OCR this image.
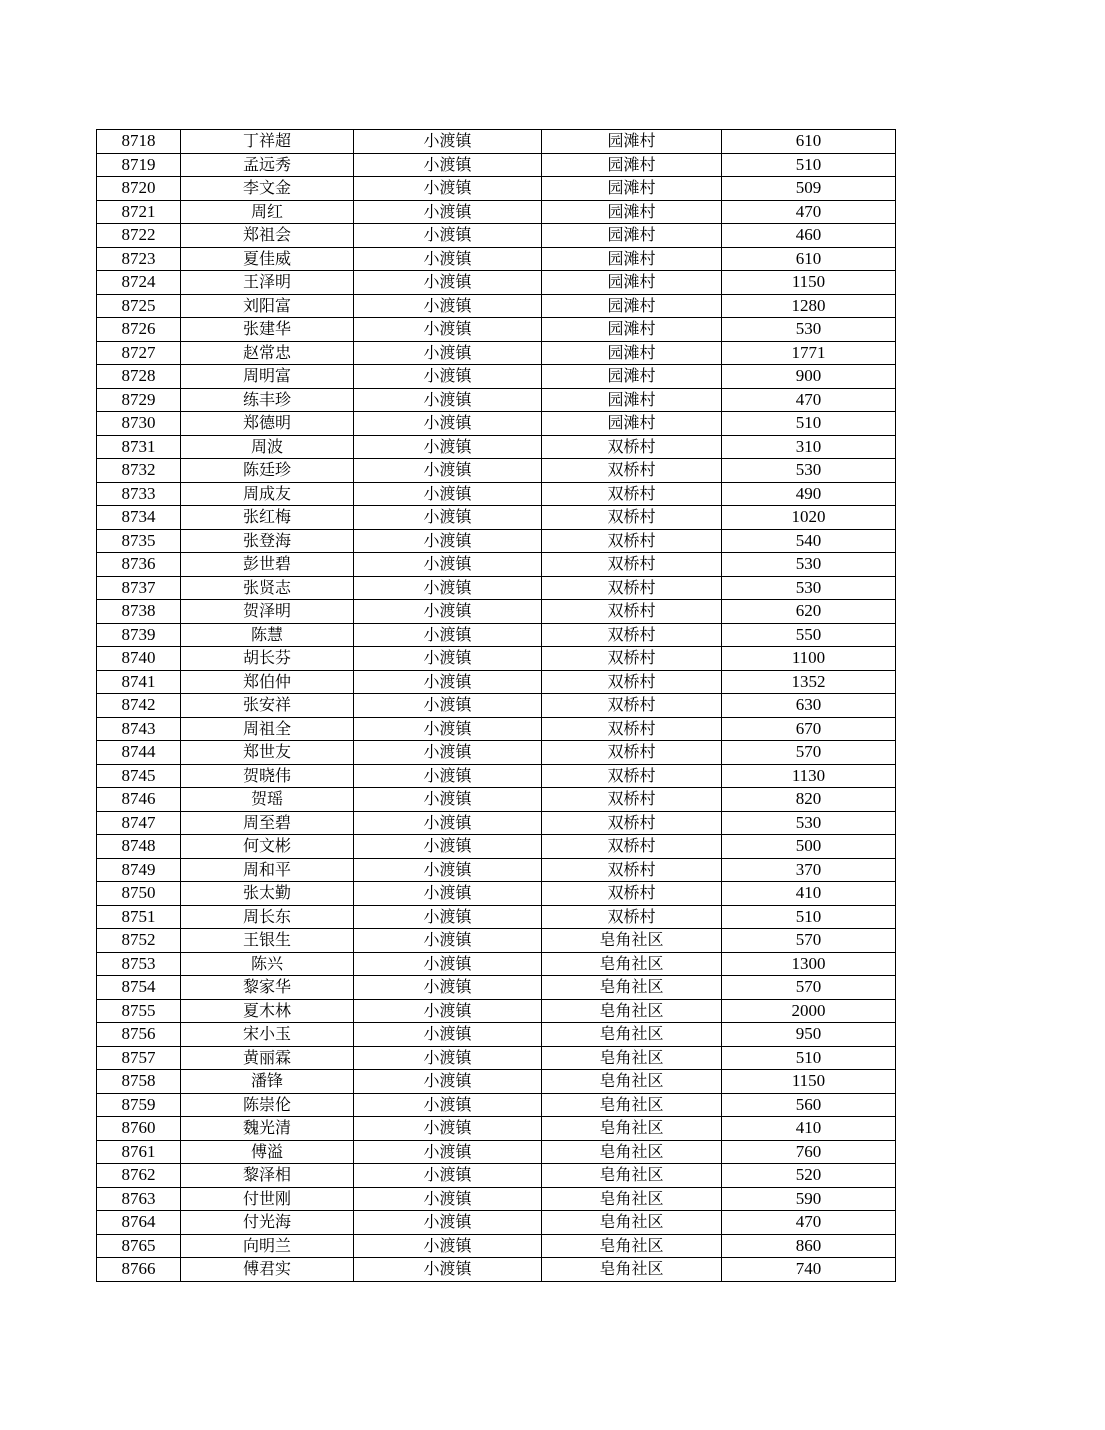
8718	丁祥超	小渡镇	园滩村	610
8719	孟远秀	小渡镇	园滩村	510
8720	李文金	小渡镇	园滩村	509
8721	周红	小渡镇	园滩村	470
8722	郑祖会	小渡镇	园滩村	460
8723	夏佳威	小渡镇	园滩村	610
8724	王泽明	小渡镇	园滩村	1150
8725	刘阳富	小渡镇	园滩村	1280
8726	张建华	小渡镇	园滩村	530
8727	赵常忠	小渡镇	园滩村	1771
8728	周明富	小渡镇	园滩村	900
8729	练丰珍	小渡镇	园滩村	470
8730	郑德明	小渡镇	园滩村	510
8731	周波	小渡镇	双桥村	310
8732	陈廷珍	小渡镇	双桥村	530
8733	周成友	小渡镇	双桥村	490
8734	张红梅	小渡镇	双桥村	1020
8735	张登海	小渡镇	双桥村	540
8736	彭世碧	小渡镇	双桥村	530
8737	张贤志	小渡镇	双桥村	530
8738	贺泽明	小渡镇	双桥村	620
8739	陈慧	小渡镇	双桥村	550
8740	胡长芬	小渡镇	双桥村	1100
8741	郑伯仲	小渡镇	双桥村	1352
8742	张安祥	小渡镇	双桥村	630
8743	周祖全	小渡镇	双桥村	670
8744	郑世友	小渡镇	双桥村	570
8745	贺晓伟	小渡镇	双桥村	1130
8746	贺瑶	小渡镇	双桥村	820
8747	周至碧	小渡镇	双桥村	530
8748	何文彬	小渡镇	双桥村	500
8749	周和平	小渡镇	双桥村	370
8750	张太勤	小渡镇	双桥村	410
8751	周长东	小渡镇	双桥村	510
8752	王银生	小渡镇	皂角社区	570
8753	陈兴	小渡镇	皂角社区	1300
8754	黎家华	小渡镇	皂角社区	570
8755	夏木林	小渡镇	皂角社区	2000
8756	宋小玉	小渡镇	皂角社区	950
8757	黄丽霖	小渡镇	皂角社区	510
8758	潘锋	小渡镇	皂角社区	1150
8759	陈崇伦	小渡镇	皂角社区	560
8760	魏光清	小渡镇	皂角社区	410
8761	傅溢	小渡镇	皂角社区	760
8762	黎泽相	小渡镇	皂角社区	520
8763	付世刚	小渡镇	皂角社区	590
8764	付光海	小渡镇	皂角社区	470
8765	向明兰	小渡镇	皂角社区	860
8766	傅君实	小渡镇	皂角社区	740
